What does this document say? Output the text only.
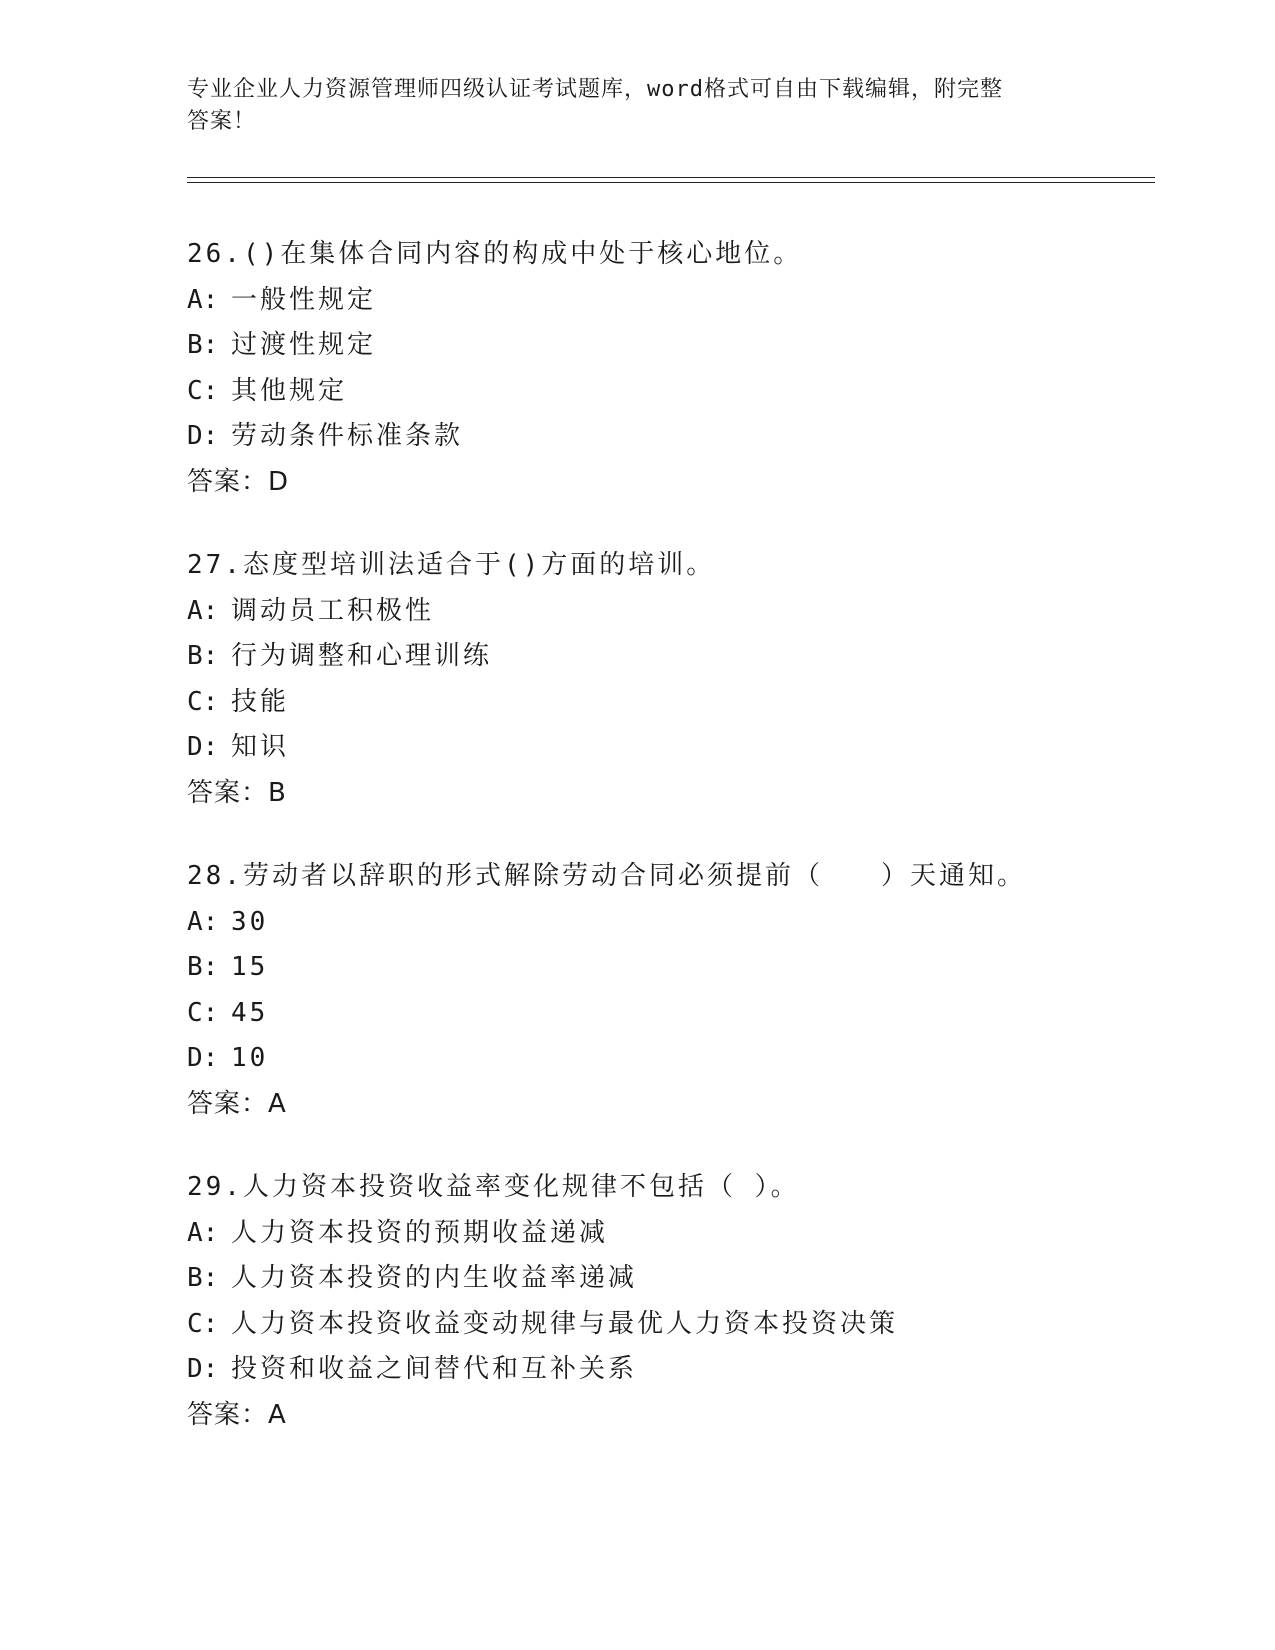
专业企业人力资源管理师四级认证考试题库，word格式可自由下载编辑，附完整
答案！
26.()在集体合同内容的构成中处于核心地位。
A: 一般性规定
B: 过渡性规定
C: 其他规定
D: 劳动条件标准条款
答案：D
27.态度型培训法适合于()方面的培训。
A: 调动员工积极性
B: 行为调整和心理训练
C: 技能
D: 知识
答案：B
28.劳动者以辞职的形式解除劳动合同必须提前（　　）天通知。
A: 30
B: 15
C: 45
D: 10
答案：A
29.人力资本投资收益率变化规律不包括（ ）。
A: 人力资本投资的预期收益递减
B: 人力资本投资的内生收益率递减
C: 人力资本投资收益变动规律与最优人力资本投资决策
D: 投资和收益之间替代和互补关系
答案：A
